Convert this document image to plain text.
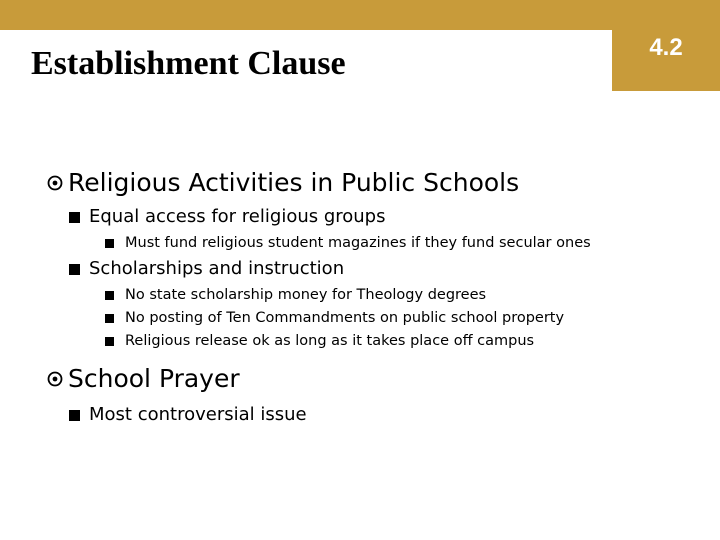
4.2
Establishment Clause
Religious Activities in Public Schools
Equal access for religious groups
Must fund religious student magazines if they fund secular ones
Scholarships and instruction
No state scholarship money for Theology degrees
No posting of Ten Commandments on public school property
Religious release ok as long as it takes place off campus
School Prayer
Most controversial issue
